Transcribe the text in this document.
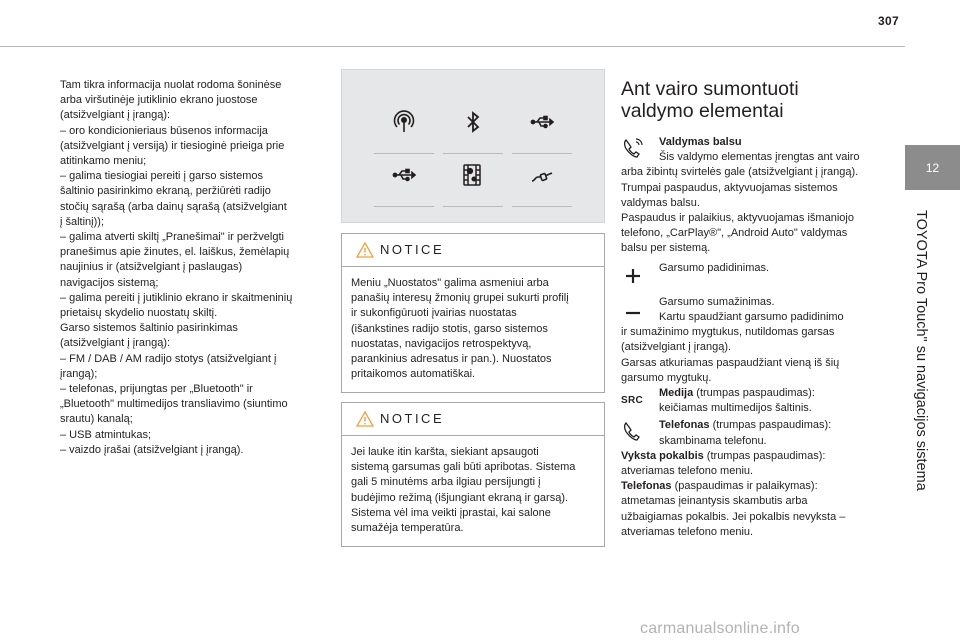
307
12
TOYOTA Pro Touch" su navigacijos sistema

Tam tikra informacija nuolat rodoma šoninėse

arba viršutinėje jutiklinio ekrano juostose

(atsižvelgiant į įrangą):

– oro kondicionieriaus būsenos informacija

(atsižvelgiant į versiją) ir tiesioginė prieiga prie

atitinkamo meniu;

– galima tiesiogiai pereiti į garso sistemos

šaltinio pasirinkimo ekraną, peržiūrėti radijo

stočių sąrašą (arba dainų sąrašą (atsižvelgiant

į šaltinį));

– galima atverti skiltį „Pranešimai" ir peržvelgti

pranešimus apie žinutes, el. laiškus, žemėlapių

naujinius ir (atsižvelgiant į paslaugas)

navigacijos sistemą;

– galima pereiti į jutiklinio ekrano ir skaitmeninių

prietaisų skydelio nuostatų skiltį.

Garso sistemos šaltinio pasirinkimas

(atsižvelgiant į įrangą):

– FM / DAB / AM radijo stotys (atsižvelgiant į

įrangą);

– telefonas, prijungtas per „Bluetooth" ir

„Bluetooth" multimedijos transliavimo (siuntimo

srautu) kanalą;

– USB atmintukas;

– vaizdo įrašai (atsižvelgiant į įrangą).

NOTICE
Meniu „Nuostatos" galima asmeniui arba
panašių interesų žmonių grupei sukurti profilį
ir sukonfigūruoti įvairias nuostatas
(išankstines radijo stotis, garso sistemos
nuostatas, navigacijos retrospektyvą,
parankinius adresatus ir pan.). Nuostatos
pritaikomos automatiškai.
NOTICE
Jei lauke itin karšta, siekiant apsaugoti
sistemą garsumas gali būti apribotas. Sistema
gali 5 minutėms arba ilgiau persijungti į
budėjimo režimą (išjungiant ekraną ir garsą).
Sistema vėl ima veikti įprastai, kai salone
sumažėja temperatūra.
Ant vairo sumontuoti
valdymo elementai
Valdymas balsu
Šis valdymo elementas įrengtas ant vairo
arba žibintų svirtelės gale (atsižvelgiant į įrangą).
Trumpai paspaudus, aktyvuojamas sistemos
valdymas balsu.
Paspaudus ir palaikius, aktyvuojamas išmaniojo
telefono, „CarPlay®", „Android Auto" valdymas
balsu per sistemą.
Garsumo padidinimas.
Garsumo sumažinimas.
Kartu spaudžiant garsumo padidinimo
ir sumažinimo mygtukus, nutildomas garsas
(atsižvelgiant į įrangą).
Garsas atkuriamas paspaudžiant vieną iš šių
garsumo mygtukų.
SRC
Medija (trumpas paspaudimas):
keičiamas multimedijos šaltinis.
Telefonas (trumpas paspaudimas):
skambinama telefonu.
Vyksta pokalbis (trumpas paspaudimas):
atveriamas telefono meniu.
Telefonas (paspaudimas ir palaikymas):
atmetamas įeinantysis skambutis arba
užbaigiamas pokalbis. Jei pokalbis nevyksta –
atveriamas telefono meniu.
carmanualsonline.info
